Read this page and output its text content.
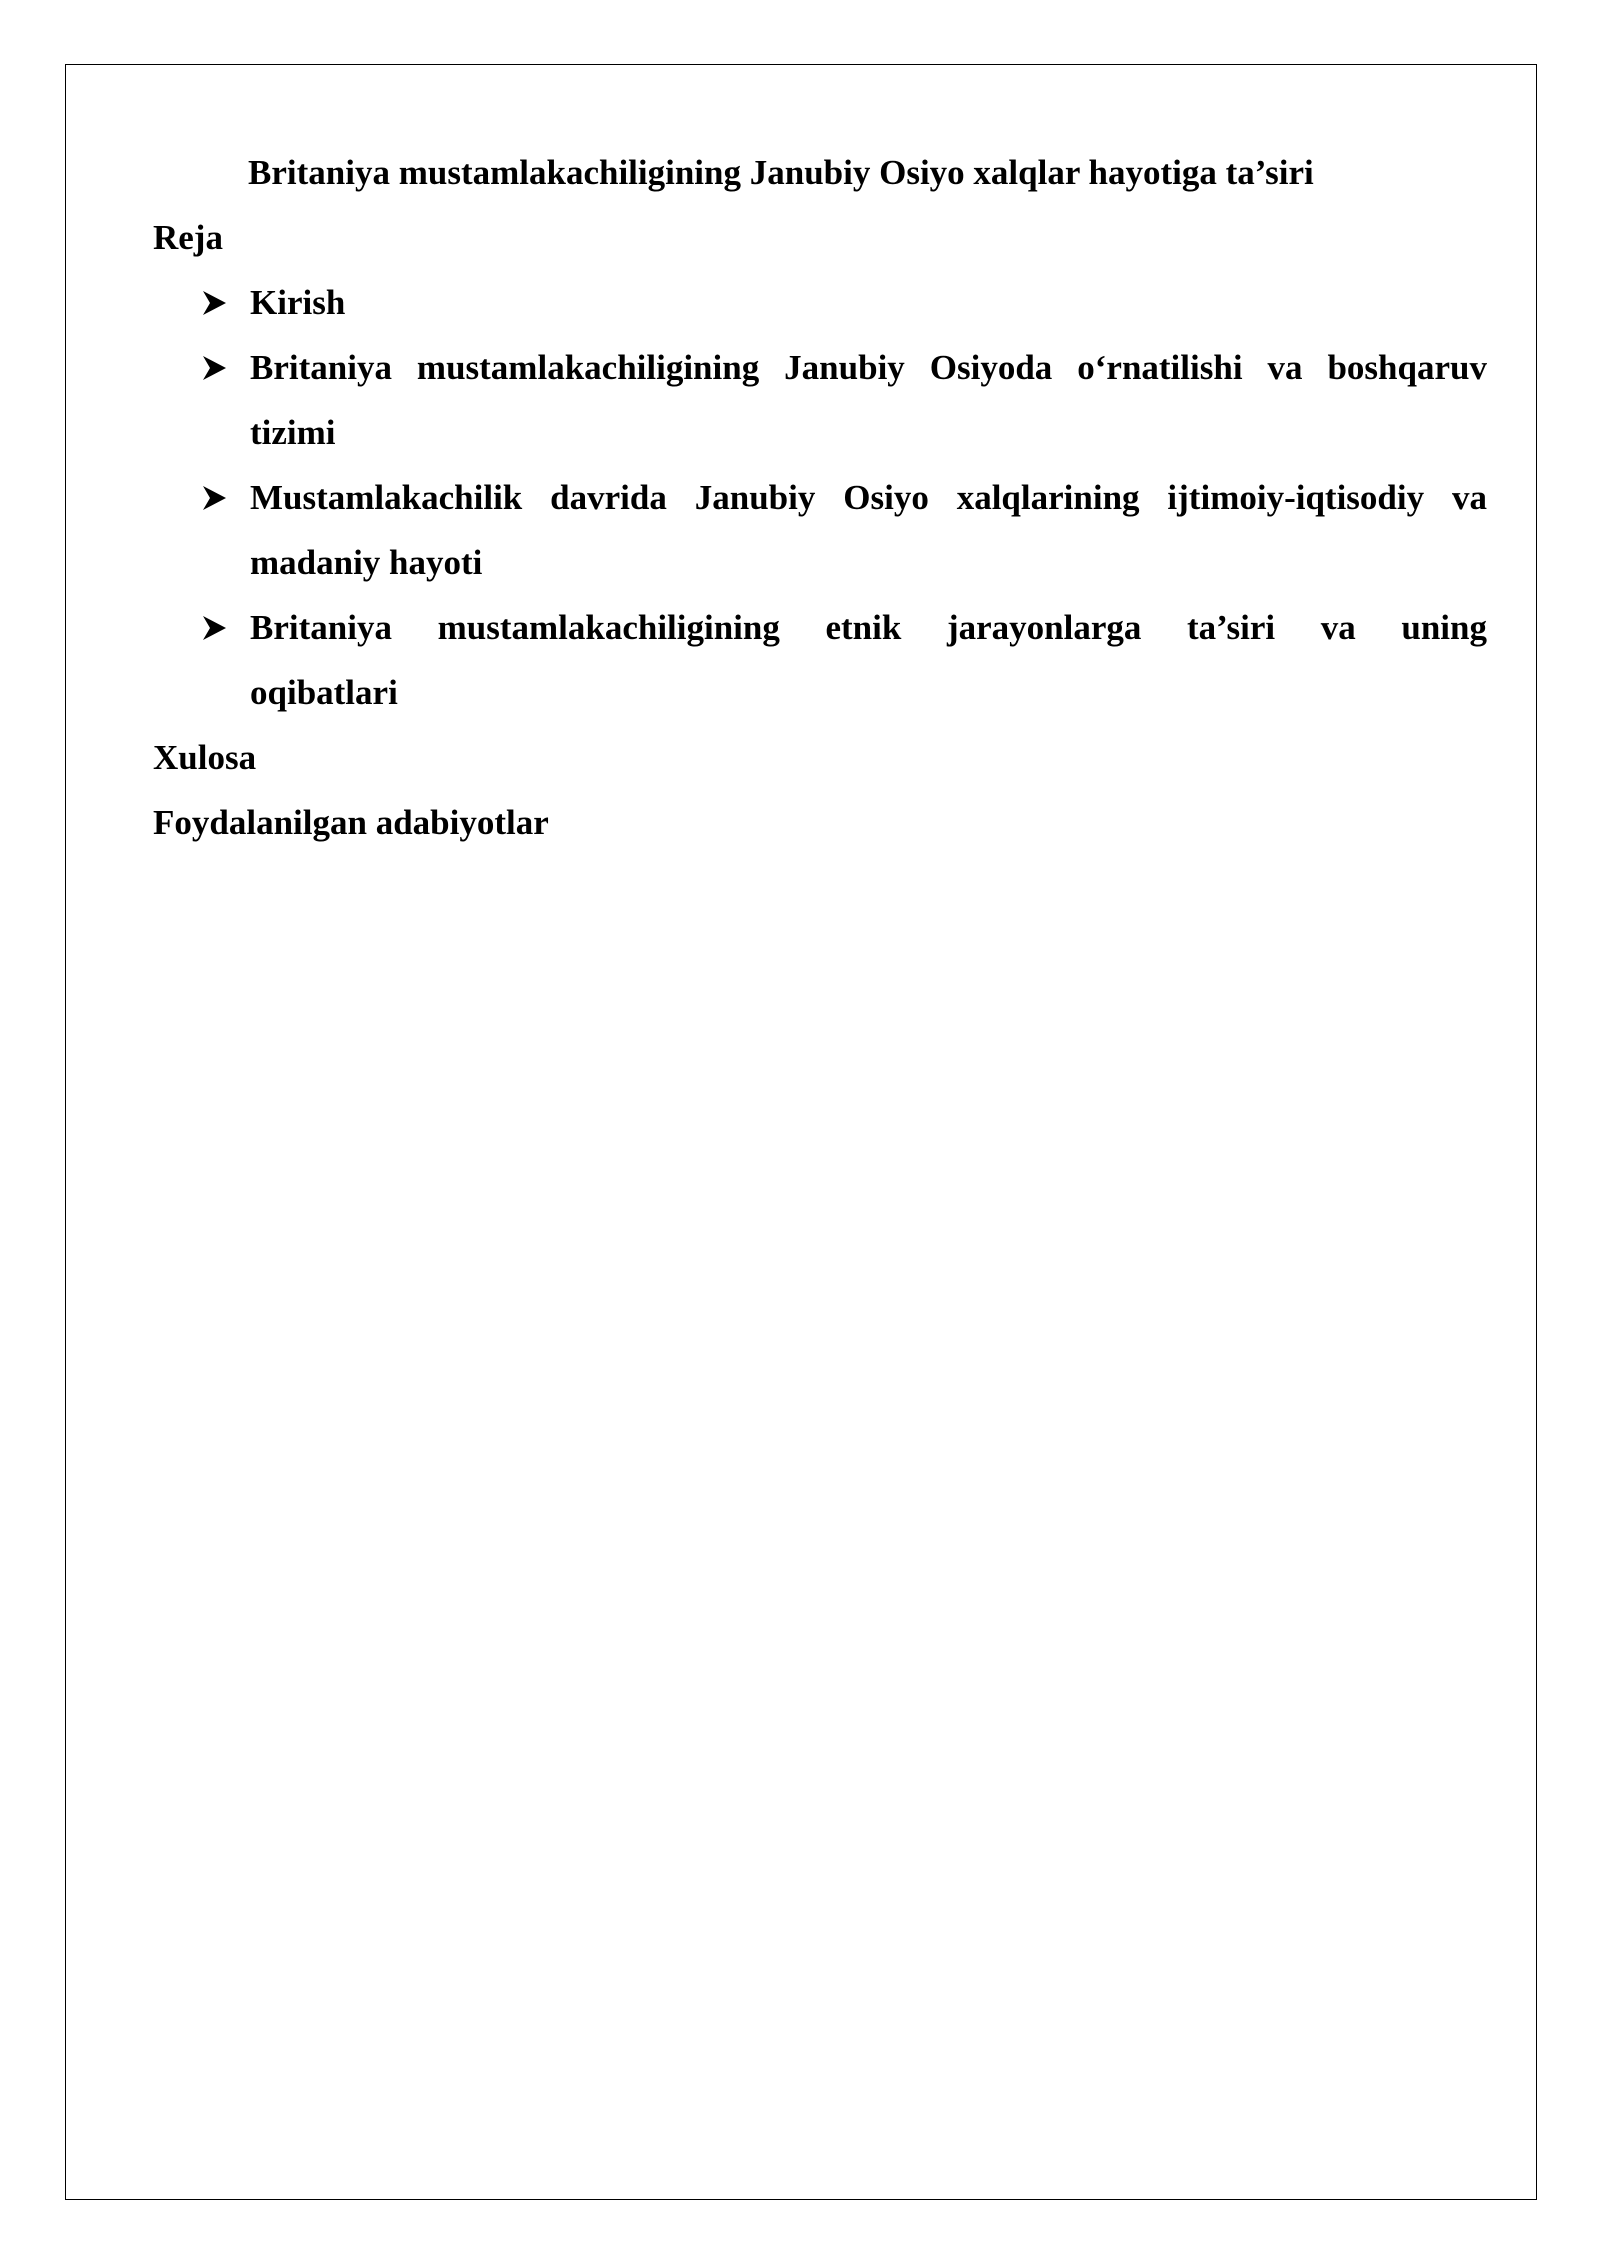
Britaniya mustamlakachiligining Janubiy Osiyo xalqlar hayotiga ta’siri
Reja
Kirish
Britaniya mustamlakachiligining Janubiy Osiyoda o‘rnatilishi va boshqaruv
tizimi
Mustamlakachilik davrida Janubiy Osiyo xalqlarining ijtimoiy-iqtisodiy va
madaniy hayoti
Britaniya mustamlakachiligining etnik jarayonlarga ta’siri va uning
oqibatlari
Xulosa
Foydalanilgan adabiyotlar
